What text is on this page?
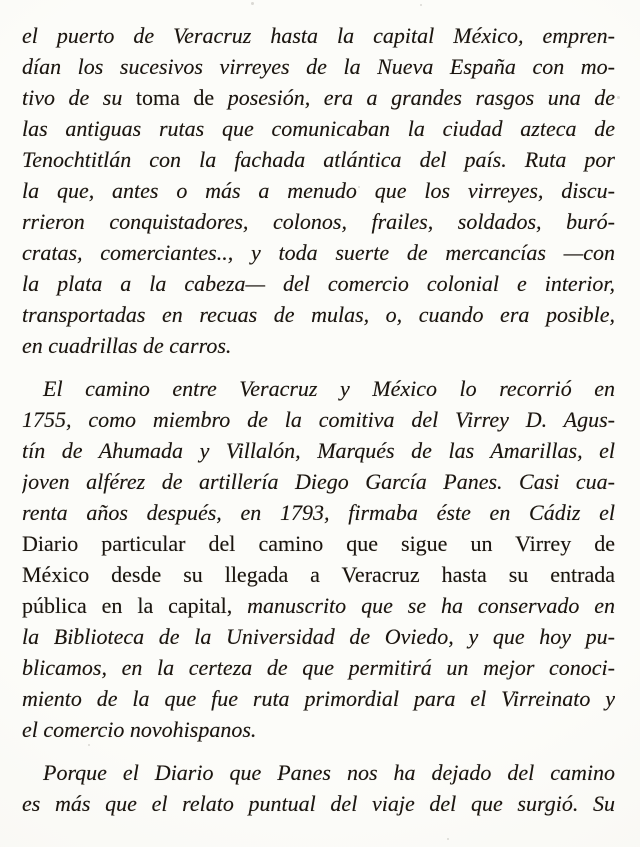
el puerto de Veracruz hasta la capital México, empren-
dían los sucesivos virreyes de la Nueva España con mo-
tivo de su toma de posesión, era a grandes rasgos una de
las antiguas rutas que comunicaban la ciudad azteca de
Tenochtitlán con la fachada atlántica del país. Ruta por
la que, antes o más a menudo que los virreyes, discu-
rrieron conquistadores, colonos, frailes, soldados, buró-
cratas, comerciantes.., y toda suerte de mercancías —con
la plata a la cabeza— del comercio colonial e interior,
transportadas en recuas de mulas, o, cuando era posible,
en cuadrillas de carros.
El camino entre Veracruz y México lo recorrió en
1755, como miembro de la comitiva del Virrey D. Agus-
tín de Ahumada y Villalón, Marqués de las Amarillas, el
joven alférez de artillería Diego García Panes. Casi cua-
renta años después, en 1793, firmaba éste en Cádiz el
Diario particular del camino que sigue un Virrey de
México desde su llegada a Veracruz hasta su entrada
pública en la capital, manuscrito que se ha conservado en
la Biblioteca de la Universidad de Oviedo, y que hoy pu-
blicamos, en la certeza de que permitirá un mejor conoci-
miento de la que fue ruta primordial para el Virreinato y
el comercio novohispanos.
Porque el Diario que Panes nos ha dejado del camino
es más que el relato puntual del viaje del que surgió. Su
